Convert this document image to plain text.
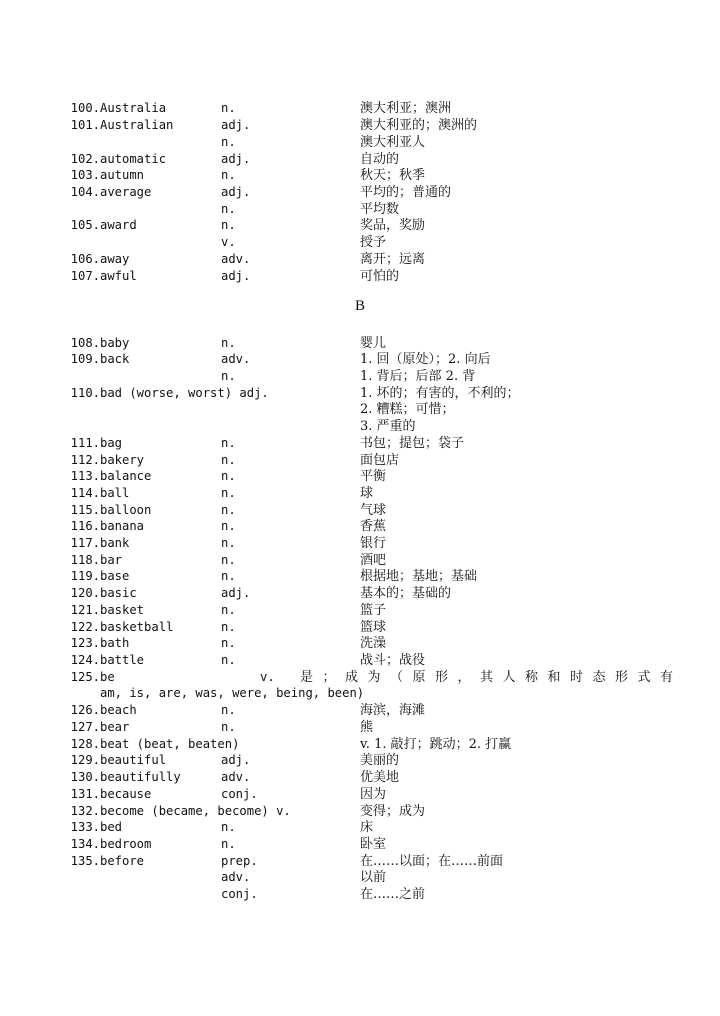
100. Australia	n.	澳大利亚；澳洲
101. Australian	adj.	澳大利亚的；澳洲的
n.	澳大利亚人
102. automatic	adj.	自动的
103. autumn	n.	秋天；秋季
104. average	adj.	平均的；普通的
n.	平均数
105. award	n.	奖品，奖励
v.	授予
106. away	adv.	离开；远离
107. awful	adj.	可怕的
B
108. baby	n.	婴儿
109. back	adv.	1. 回（原处）；2. 向后
n.	1. 背后；后部 2. 背
110. bad (worse, worst) adj.	1. 坏的；有害的，不利的；
2. 糟糕；可惜；
3. 严重的
111. bag	n.	书包；提包；袋子
112. bakery	n.	面包店
113. balance	n.	平衡
114. ball	n.	球
115. balloon	n.	气球
116. banana	n.	香蕉
117. bank	n.	银行
118. bar	n.	酒吧
119. base	n.	根据地；基地；基础
120. basic	adj.	基本的；基础的
121. basket	n.	篮子
122. basketball	n.	篮球
123. bath	n.	洗澡
124. battle	n.	战斗；战役
125. be	v. 是；成为（原形，其人称和时态形式有
am, is, are, was, were, being, been)
126. beach	n.	海滨，海滩
127. bear	n.	熊
128. beat (beat, beaten)	v. 1. 敲打；跳动；2. 打赢
129. beautiful	adj.	美丽的
130. beautifully	adv.	优美地
131. because	conj.	因为
132. become (became, become) v.	变得；成为
133. bed	n.	床
134. bedroom	n.	卧室
135. before	prep.	在……以面；在……前面
adv.	以前
conj.	在……之前
